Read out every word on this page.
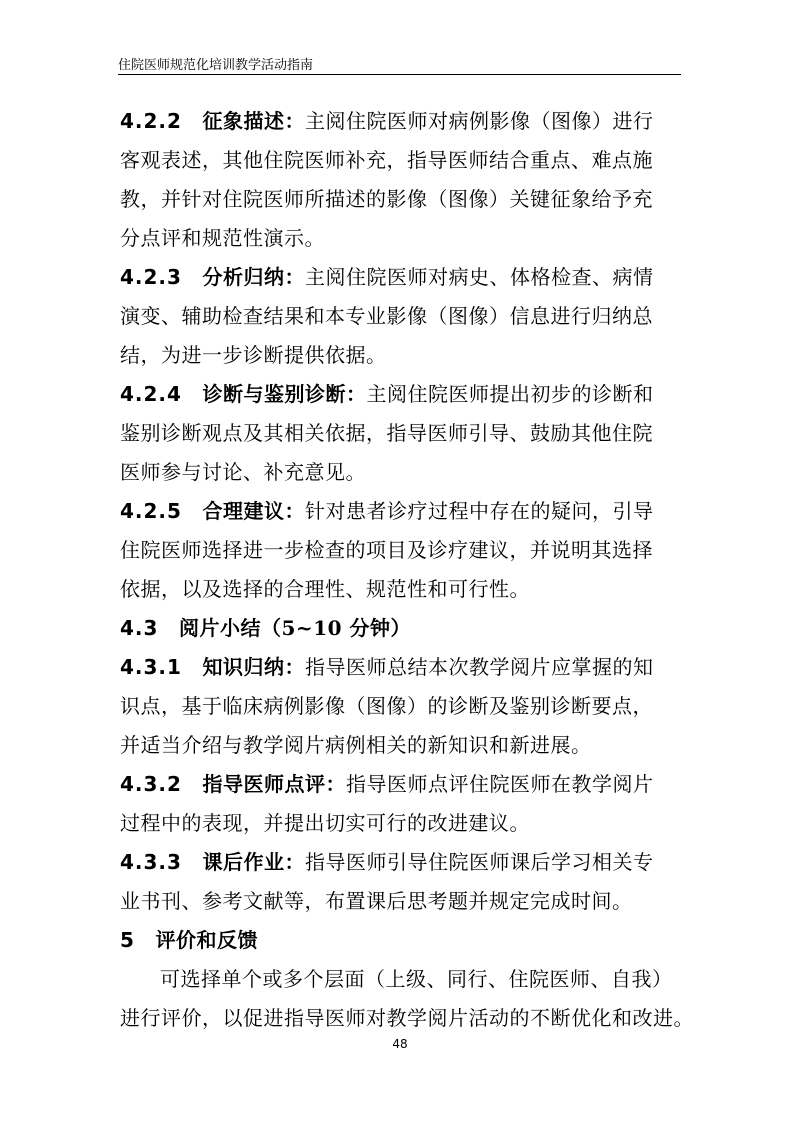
住院医师规范化培训教学活动指南
4.2.2 征象描述：主阅住院医师对病例影像（图像）进行
客观表述，其他住院医师补充，指导医师结合重点、难点施
教，并针对住院医师所描述的影像（图像）关键征象给予充
分点评和规范性演示。
4.2.3 分析归纳：主阅住院医师对病史、体格检查、病情
演变、辅助检查结果和本专业影像（图像）信息进行归纳总
结，为进一步诊断提供依据。
4.2.4 诊断与鉴别诊断：主阅住院医师提出初步的诊断和
鉴别诊断观点及其相关依据，指导医师引导、鼓励其他住院
医师参与讨论、补充意见。
4.2.5 合理建议：针对患者诊疗过程中存在的疑问，引导
住院医师选择进一步检查的项目及诊疗建议，并说明其选择
依据，以及选择的合理性、规范性和可行性。
4.3 阅片小结（5~10 分钟）
4.3.1 知识归纳：指导医师总结本次教学阅片应掌握的知
识点，基于临床病例影像（图像）的诊断及鉴别诊断要点，
并适当介绍与教学阅片病例相关的新知识和新进展。
4.3.2 指导医师点评：指导医师点评住院医师在教学阅片
过程中的表现，并提出切实可行的改进建议。
4.3.3 课后作业：指导医师引导住院医师课后学习相关专
业书刊、参考文献等，布置课后思考题并规定完成时间。
5 评价和反馈
可选择单个或多个层面（上级、同行、住院医师、自我）
进行评价，以促进指导医师对教学阅片活动的不断优化和改进。
48
